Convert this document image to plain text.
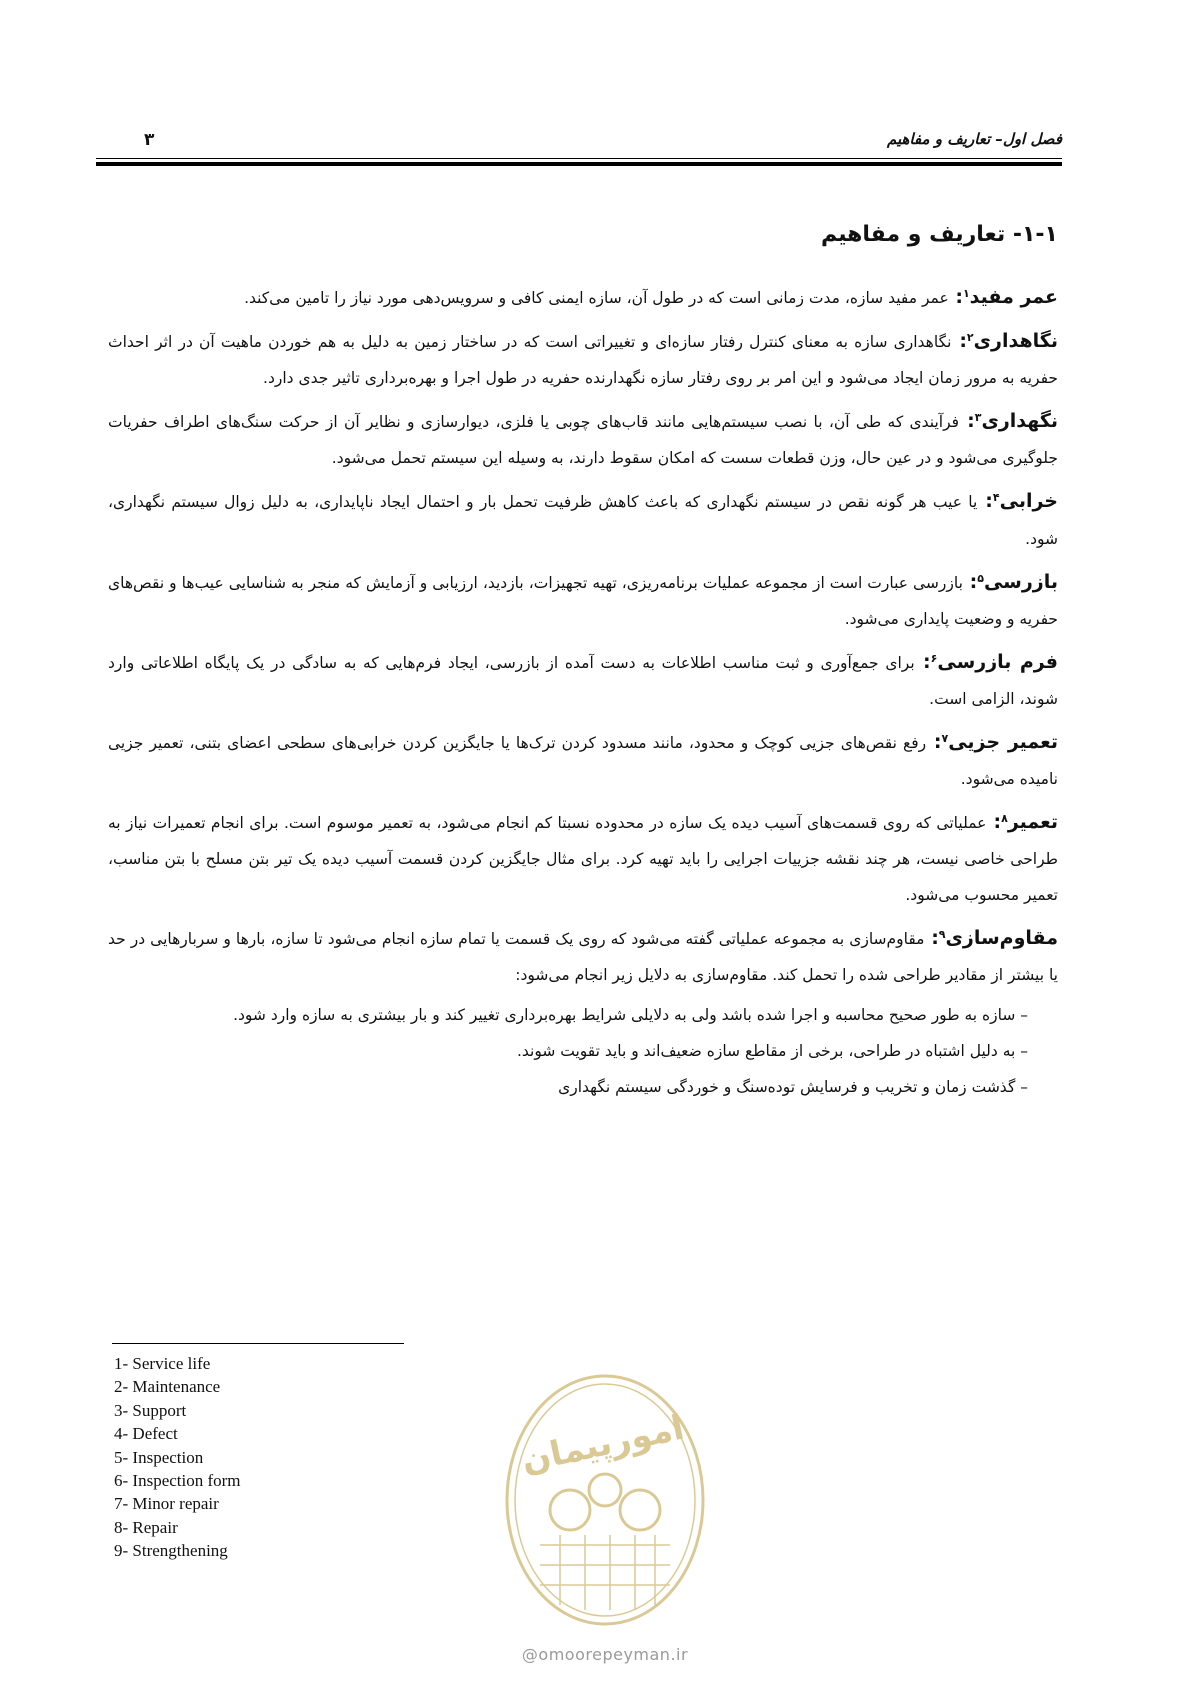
فصل اول– تعاریف و مفاهیم
۳
۱-۱- تعاریف و مفاهیم

عمر مفید$^۱$: عمر مفید سازه، مدت زمانی است که در طول آن، سازه ایمنی کافی و سرویس‌دهی مورد نیاز را تامین می‌کند.

نگاهداری$^۲$: نگاهداری سازه به معنای کنترل رفتار سازه‌ای و تغییراتی است که در ساختار زمین به دلیل به هم خوردن ماهیت آن در اثر احداث حفریه به مرور زمان ایجاد می‌شود و این امر بر روی رفتار سازه نگهدارنده حفریه در طول اجرا و بهره‌برداری تاثیر جدی دارد.

نگهداری$^۳$: فرآیندی که طی آن، با نصب سیستم‌هایی مانند قاب‌های چوبی یا فلزی، دیوارسازی و نظایر آن از حرکت سنگ‌های اطراف حفریات جلوگیری می‌شود و در عین حال، وزن قطعات سست که امکان سقوط دارند، به وسیله این سیستم تحمل می‌شود.

خرابی$^۴$: یا عیب هر گونه نقص در سیستم نگهداری که باعث کاهش ظرفیت تحمل بار و احتمال ایجاد ناپایداری، به دلیل زوال سیستم نگهداری، شود.

بازرسی$^۵$: بازرسی عبارت است از مجموعه عملیات برنامه‌ریزی، تهیه تجهیزات، بازدید، ارزیابی و آزمایش که منجر به شناسایی عیب‌ها و نقص‌های حفریه و وضعیت پایداری می‌شود.

فرم بازرسی$^۶$: برای جمع‌آوری و ثبت مناسب اطلاعات به دست آمده از بازرسی، ایجاد فرم‌هایی که به سادگی در یک پایگاه اطلاعاتی وارد شوند، الزامی است.

تعمیر جزیی$^۷$: رفع نقص‌های جزیی کوچک و محدود، مانند مسدود کردن ترک‌ها یا جایگزین کردن خرابی‌های سطحی اعضای بتنی، تعمیر جزیی نامیده می‌شود.

تعمیر$^۸$: عملیاتی که روی قسمت‌های آسیب دیده یک سازه در محدوده نسبتا کم انجام می‌شود، به تعمیر موسوم است. برای انجام تعمیرات نیاز به طراحی خاصی نیست، هر چند نقشه جزییات اجرایی را باید تهیه کرد. برای مثال جایگزین کردن قسمت آسیب دیده یک تیر بتن مسلح با بتن مناسب، تعمیر محسوب می‌شود.

مقاوم‌سازی$^۹$: مقاوم‌سازی به مجموعه عملیاتی گفته می‌شود که روی یک قسمت یا تمام سازه انجام می‌شود تا سازه، بارها و سربارهایی در حد یا بیشتر از مقادیر طراحی شده را تحمل کند. مقاوم‌سازی به دلایل زیر انجام می‌شود:

– سازه به طور صحیح محاسبه و اجرا شده باشد ولی به دلایلی شرایط بهره‌برداری تغییر کند و بار بیشتری به سازه وارد شود.
– به دلیل اشتباه در طراحی، برخی از مقاطع سازه ضعیف‌اند و باید تقویت شوند.
– گذشت زمان و تخریب و فرسایش توده‌سنگ و خوردگی سیستم نگهداری
1- Service life
2- Maintenance
3- Support
4- Defect
5- Inspection
6- Inspection form
7- Minor repair
8- Repair
9- Strengthening
امورپیمان
@omoorepeyman.ir
